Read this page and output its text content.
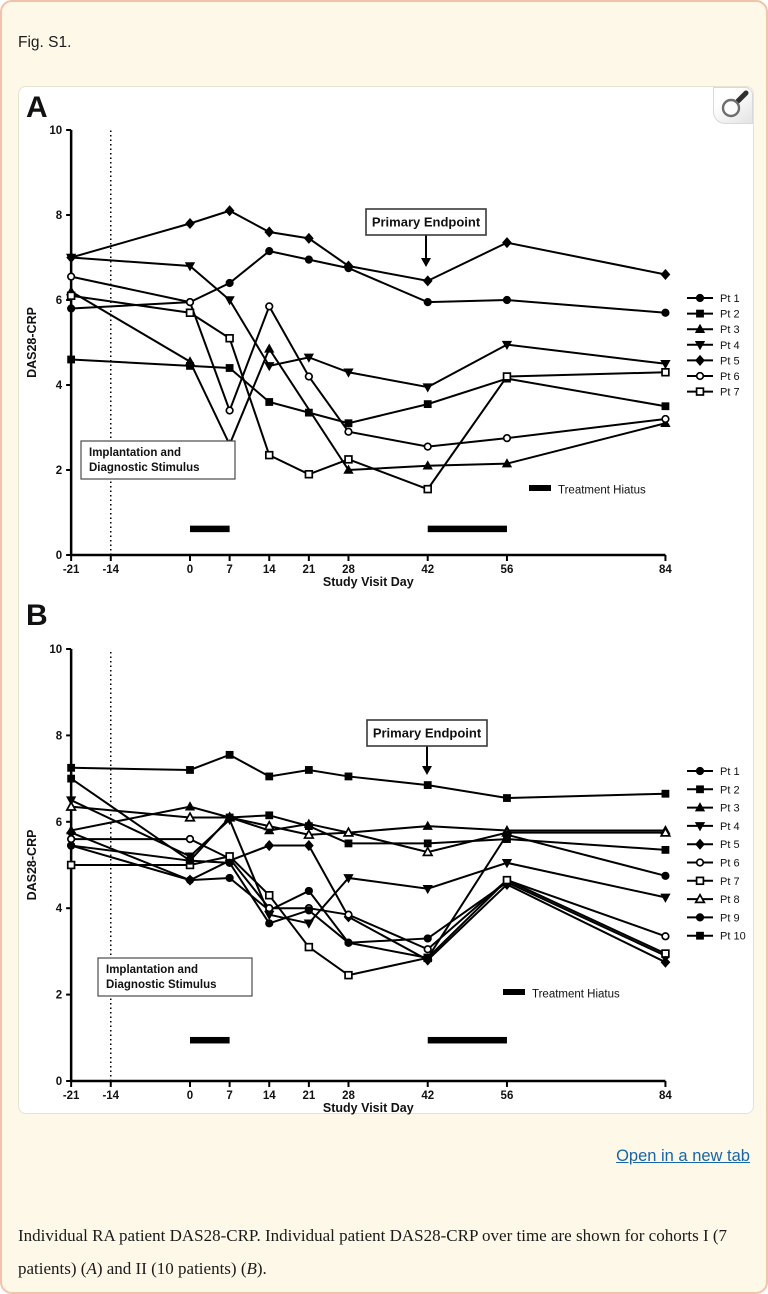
Fig. S1.
A
0
2
4
6
8
10
-21 -14	0	7	14 21 28	42	56	84
Study Visit Day
DAS28-CRP
Treatment Hiatus
Primary Endpoint
Implantation and
Diagnostic Stimulus
Pt 1
Pt 2
Pt 3
Pt 4
Pt 5
Pt 6
Pt 7
B
0
2
4
6
8
10
-21 -14	0	7	14 21 28	42	56	84
Study Visit Day
DAS28-CRP
Treatment Hiatus
Primary Endpoint
Implantation and
Diagnostic Stimulus
Pt 1
Pt 2
Pt 3
Pt 4
Pt 5
Pt 6
Pt 7
Pt 8
Pt 9
Pt 10
Open in a new tab

Individual RA patient DAS28-CRP. Individual patient DAS28-CRP over time are shown for cohorts I (7 patients) (A) and II (10 patients) (B).
